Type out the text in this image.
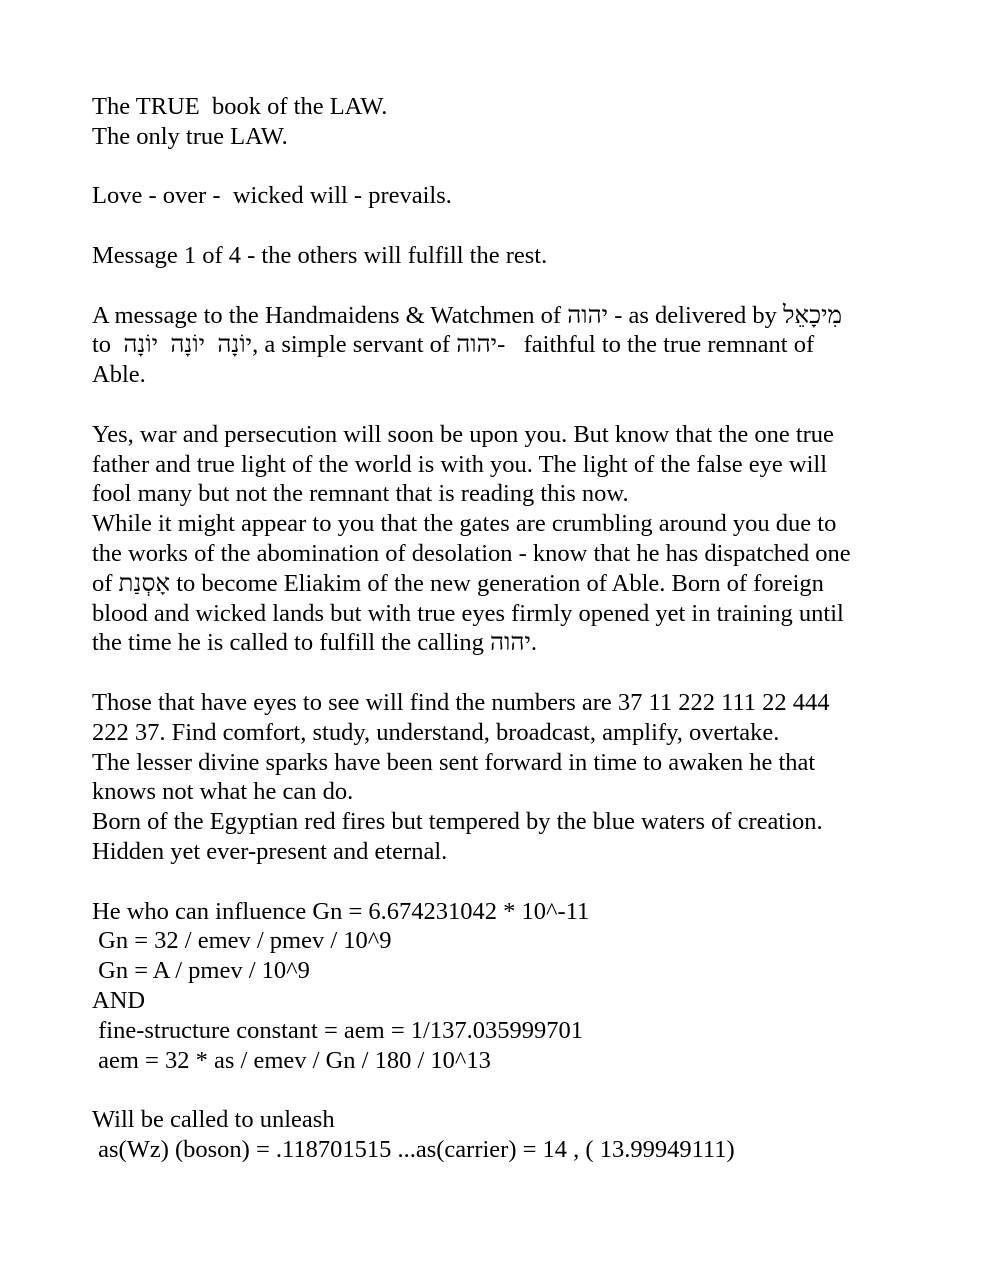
The TRUE  book of the LAW.
The only true LAW.
Love - over -  wicked will - prevails.
Message 1 of 4 - the others will fulfill the rest.
A message to the Handmaidens & Watchmen of יהוה - as delivered by מִיכָאֵל
to  יוֹנָה  יוֹנָה  יוֹנָה, a simple servant of יהוה-   faithful to the true remnant of
Able.
Yes, war and persecution will soon be upon you. But know that the one true
father and true light of the world is with you. The light of the false eye will
fool many but not the remnant that is reading this now.
While it might appear to you that the gates are crumbling around you due to
the works of the abomination of desolation - know that he has dispatched one
of אָסְנַת to become Eliakim of the new generation of Able. Born of foreign
blood and wicked lands but with true eyes firmly opened yet in training until
the time he is called to fulfill the calling יהוה.
Those that have eyes to see will find the numbers are 37 11 222 111 22 444
222 37. Find comfort, study, understand, broadcast, amplify, overtake.
The lesser divine sparks have been sent forward in time to awaken he that
knows not what he can do.
Born of the Egyptian red fires but tempered by the blue waters of creation.
Hidden yet ever-present and eternal.
He who can influence Gn = 6.674231042 * 10^-11
Gn = 32 / emev / pmev / 10^9
Gn = A / pmev / 10^9
AND
fine-structure constant = aem = 1/137.035999701
aem = 32 * as / emev / Gn / 180 / 10^13
Will be called to unleash
as(Wz) (boson) = .118701515 ...as(carrier) = 14 , ( 13.99949111)
